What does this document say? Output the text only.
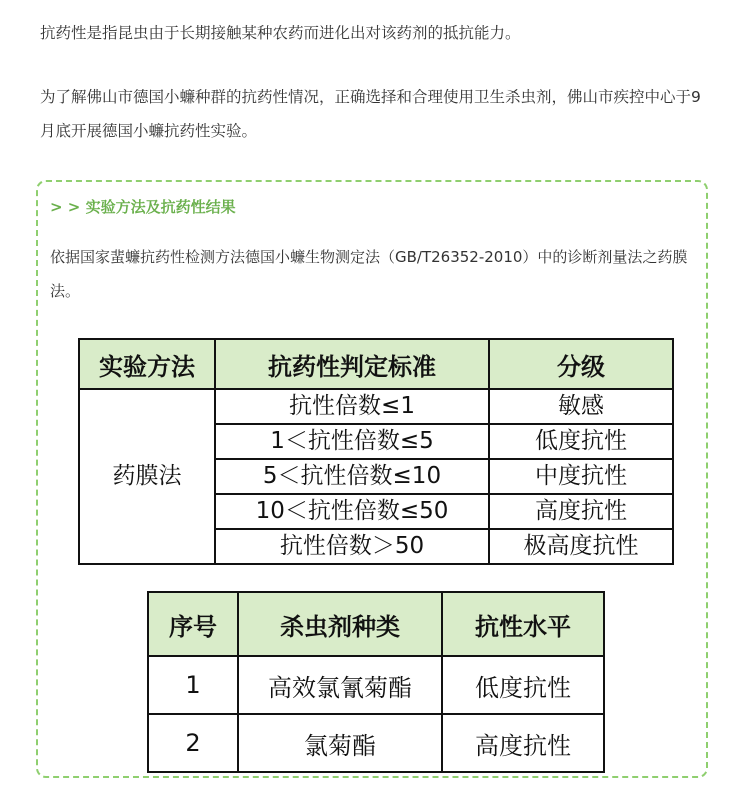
抗药性是指昆虫由于长期接触某种农药而进化出对该药剂的抵抗能力。

为了解佛山市德国小蠊种群的抗药性情况，正确选择和合理使用卫生杀虫剂，佛山市疾控中心于9月底开展德国小蠊抗药性实验。

> > 实验方法及抗药性结果

依据国家蜚蠊抗药性检测方法德国小蠊生物测定法（GB/T26352-2010）中的诊断剂量法之药膜法。

实验方法	抗药性判定标准	分级
药膜法	抗性倍数≤1	敏感
	1＜抗性倍数≤5	低度抗性
	5＜抗性倍数≤10	中度抗性
	10＜抗性倍数≤50	高度抗性
	抗性倍数＞50	极高度抗性
序号	杀虫剂种类	抗性水平
1	高效氯氰菊酯	低度抗性
2	氯菊酯	高度抗性
